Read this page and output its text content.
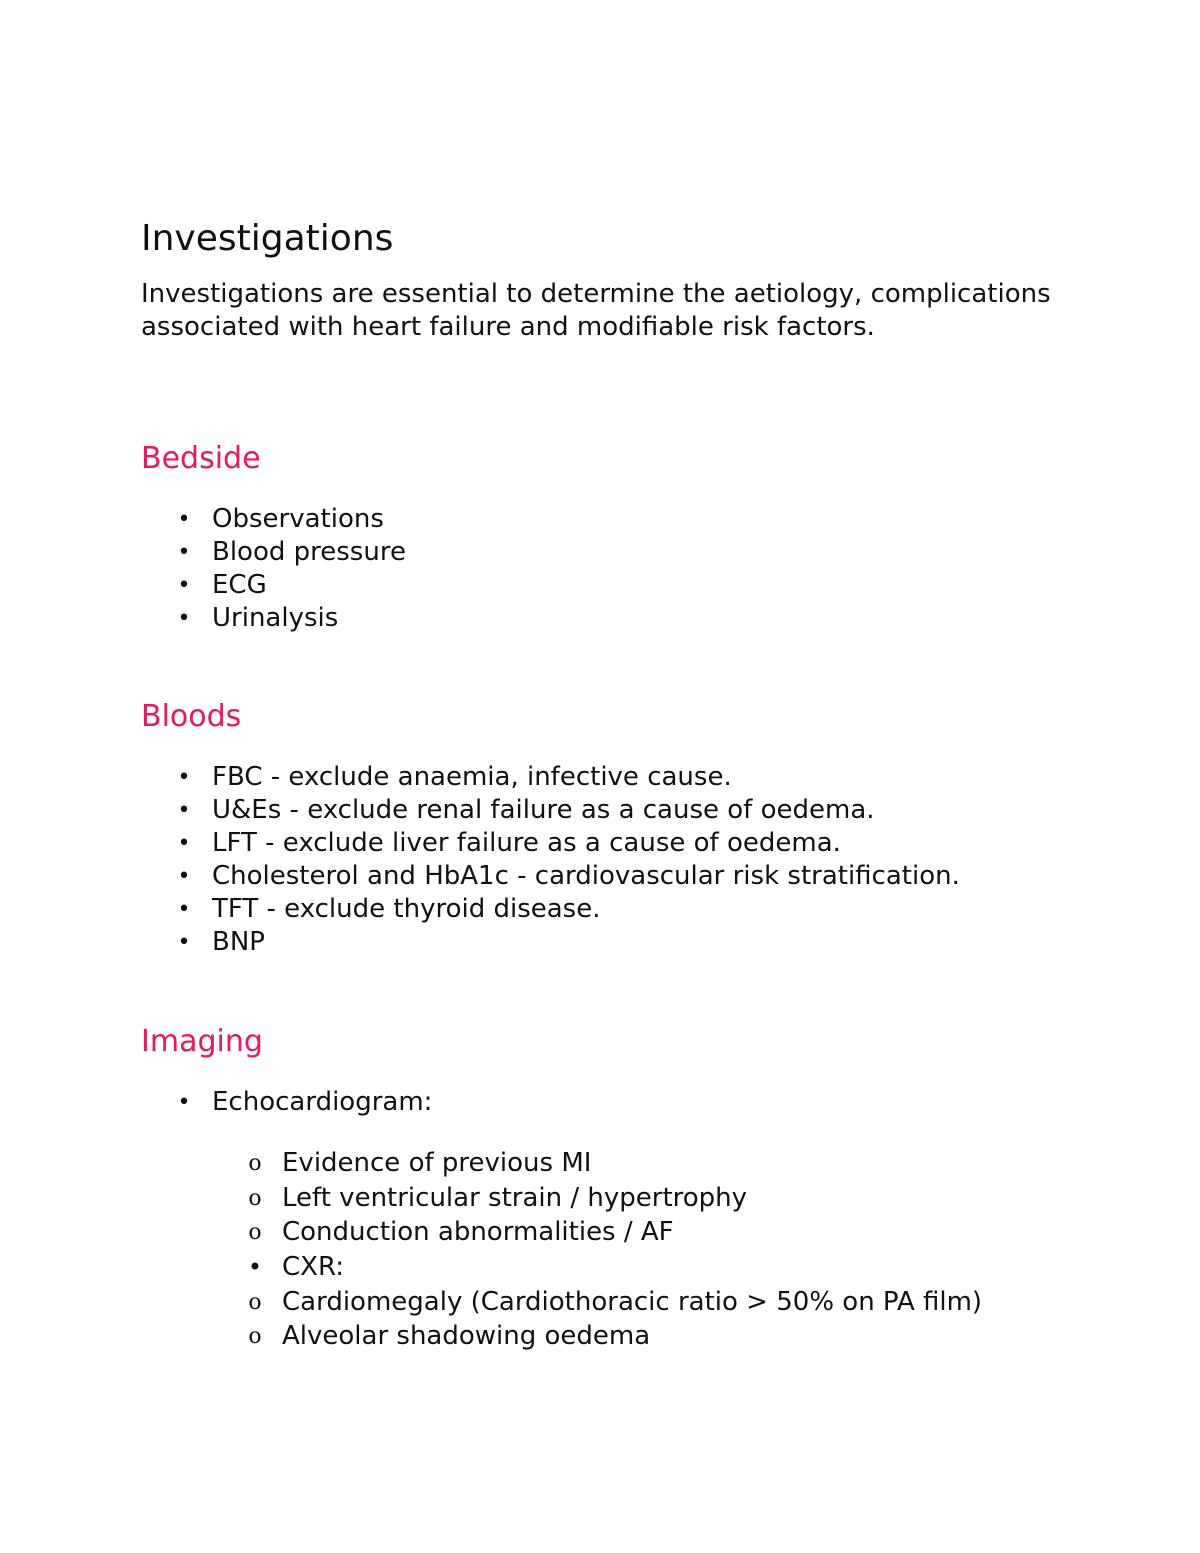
Investigations

Investigations are essential to determine the aetiology, complications associated with heart failure and modifiable risk factors.

Bedside
• Observations
• Blood pressure
• ECG
• Urinalysis
Bloods
• FBC - exclude anaemia, infective cause.
• U&Es - exclude renal failure as a cause of oedema.
• LFT - exclude liver failure as a cause of oedema.
• Cholesterol and HbA1c - cardiovascular risk stratification.
• TFT - exclude thyroid disease.
• BNP
Imaging
• Echocardiogram:
o Evidence of previous MI
o Left ventricular strain / hypertrophy
o Conduction abnormalities / AF
• CXR:
o Cardiomegaly (Cardiothoracic ratio > 50% on PA film)
o Alveolar shadowing oedema
